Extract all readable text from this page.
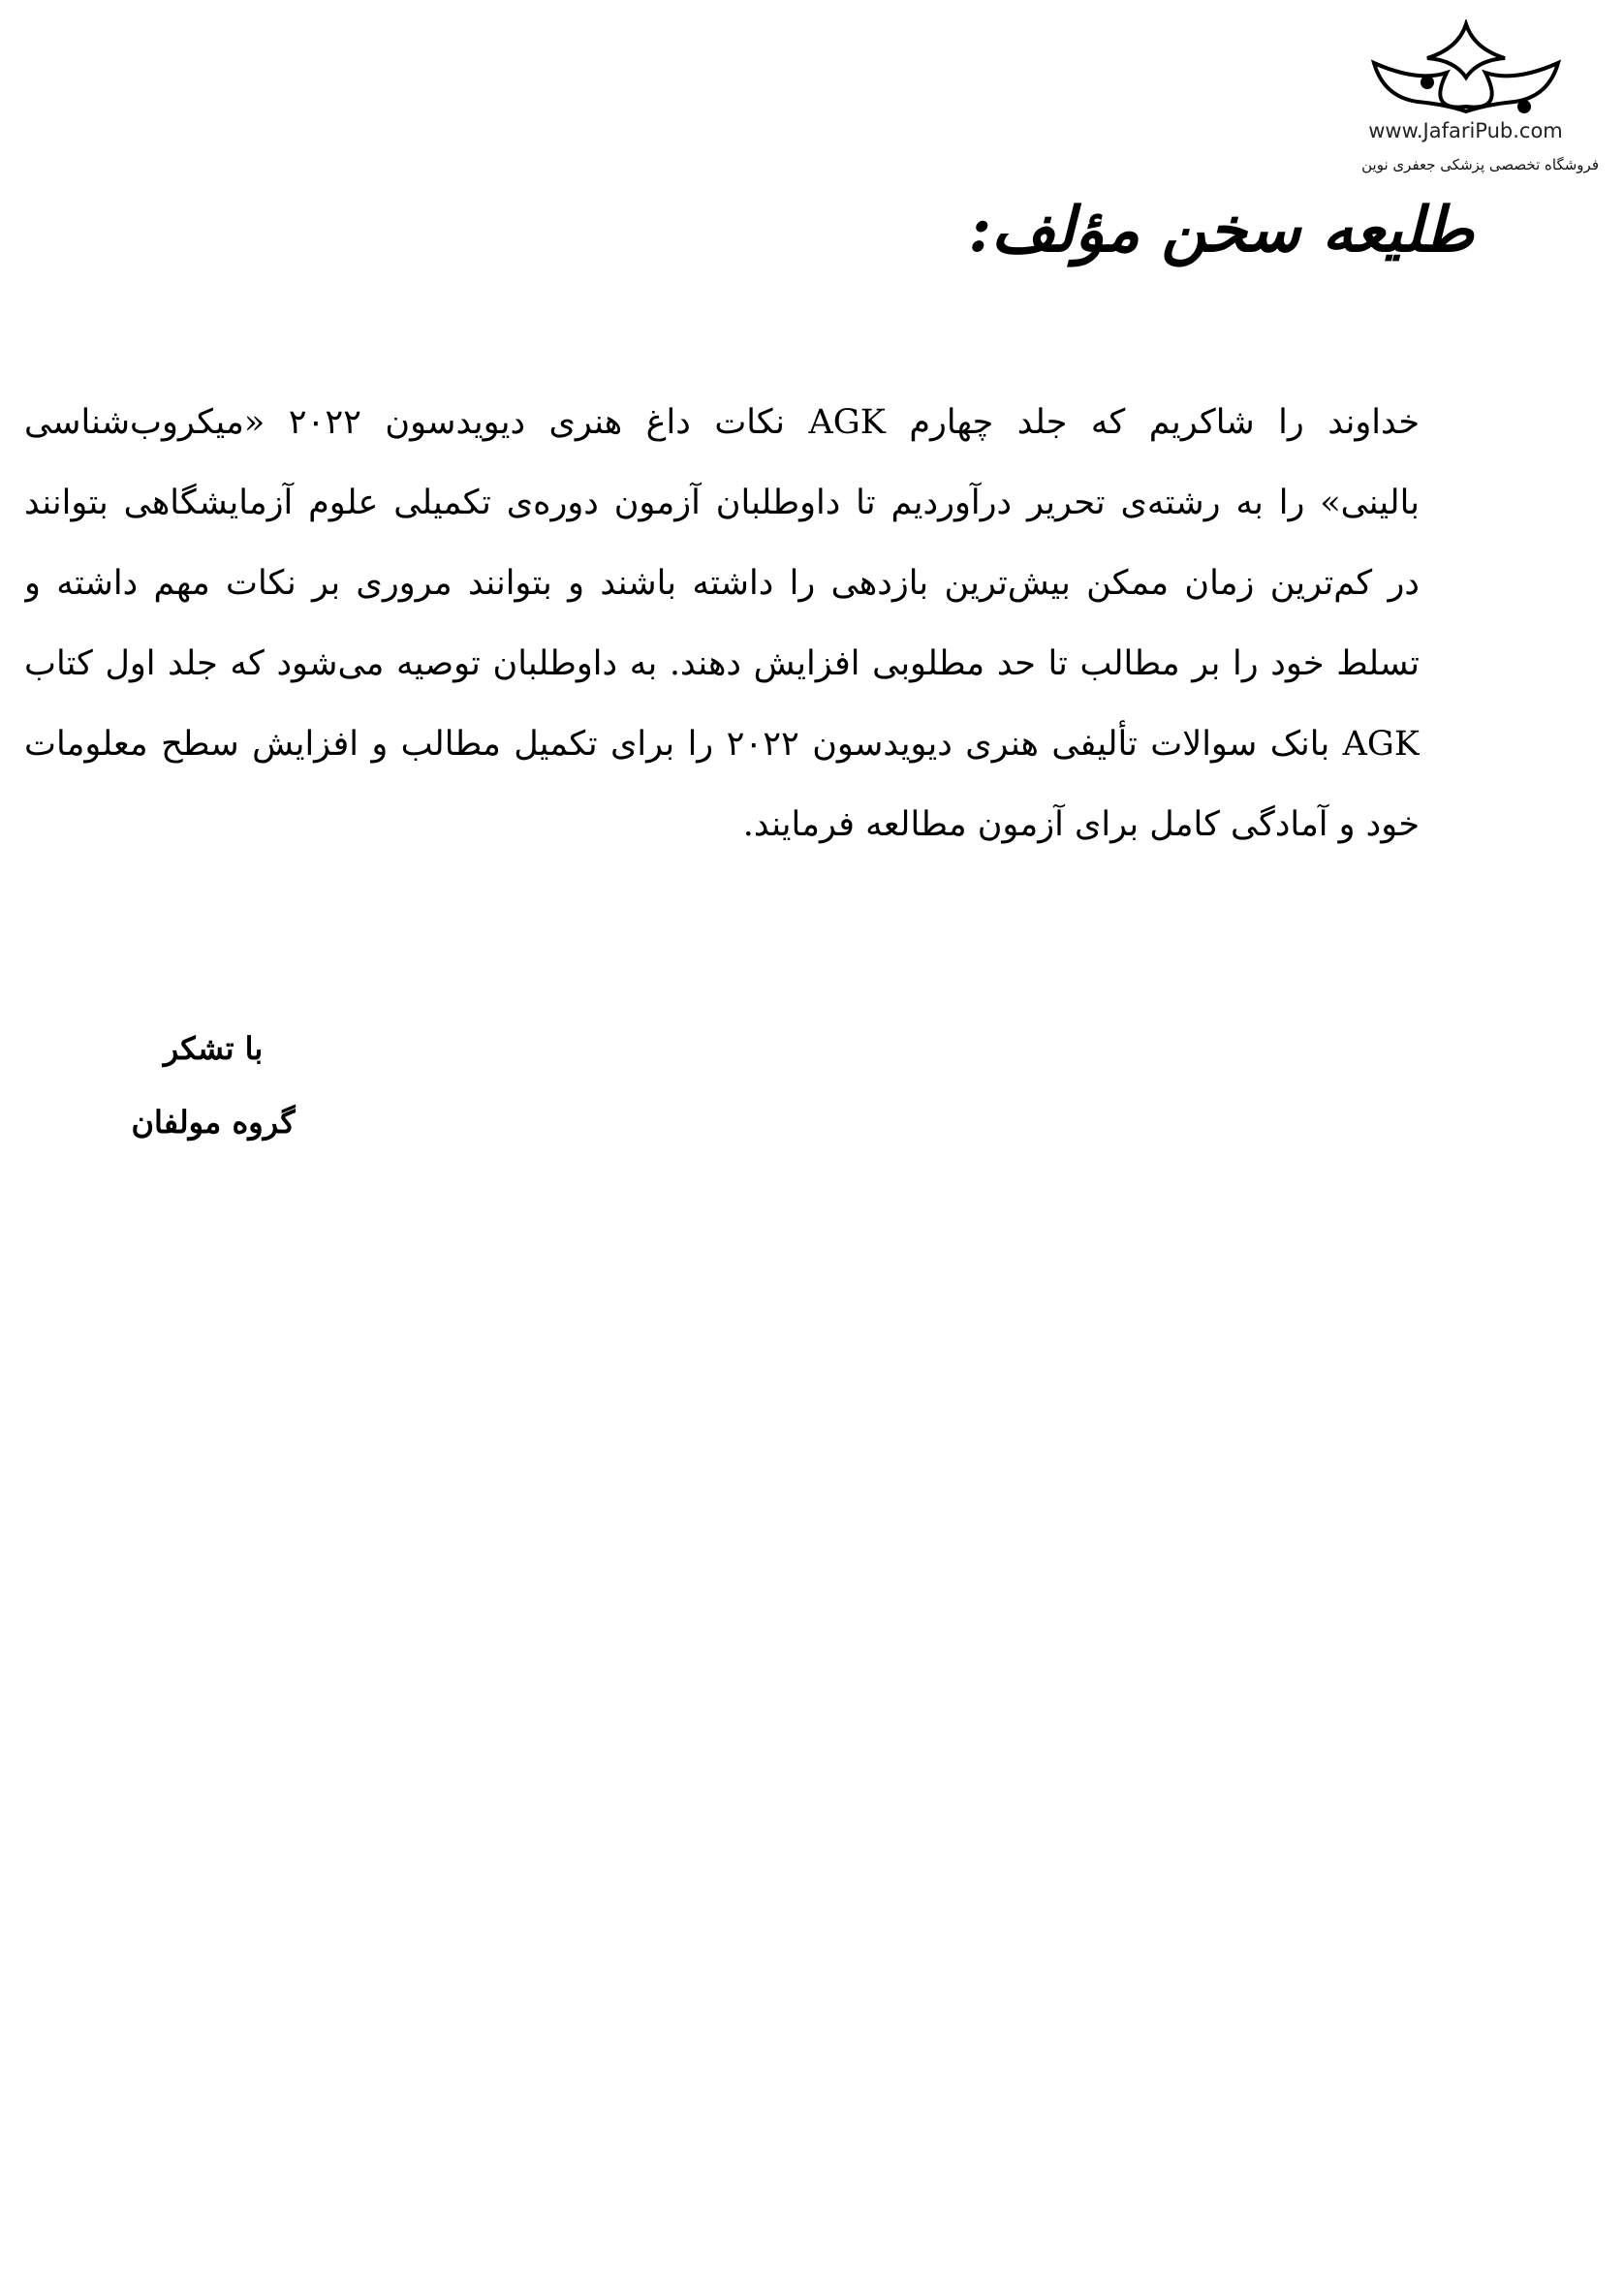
www.JafariPub.com
فروشگاه تخصصی پزشکی جعفری نوین
طلیعه سخن مؤلف:
خداوند را شاکریم که جلد چهارم AGK نکات داغ هنری دیویدسون ۲۰۲۲ «میکروب‌شناسی
بالینی» را به رشته‌ی تحریر درآوردیم تا داوطلبان آزمون دوره‌ی تکمیلی علوم آزمایشگاهی بتوانند
در کم‌ترین زمان ممکن بیش‌ترین بازدهی را داشته باشند و بتوانند مروری بر نکات مهم داشته و
تسلط خود را بر مطالب تا حد مطلوبی افزایش دهند. به داوطلبان توصیه می‌شود که جلد اول کتاب
AGK بانک سوالات تألیفی هنری دیویدسون ۲۰۲۲ را برای تکمیل مطالب و افزایش سطح معلومات
خود و آمادگی کامل برای آزمون مطالعه فرمایند.
با تشکر
گروه مولفان
